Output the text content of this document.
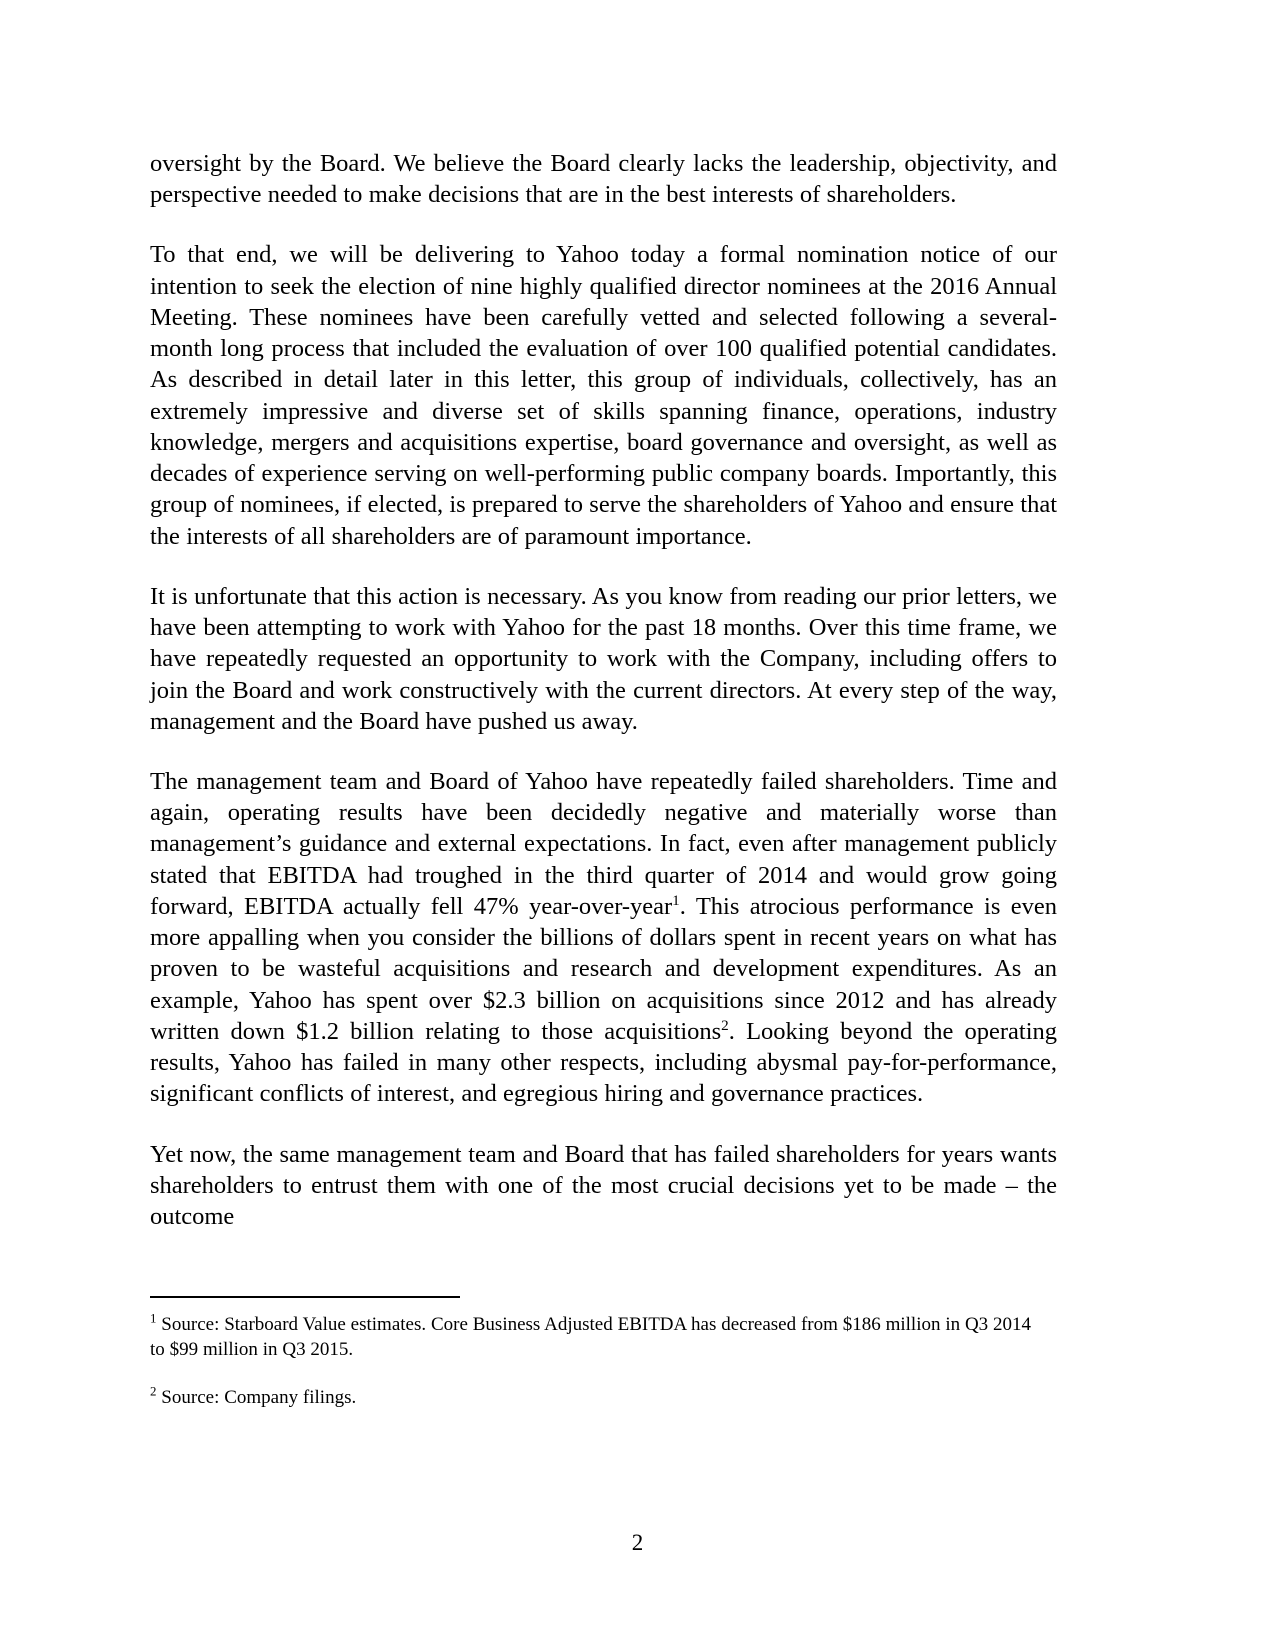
oversight by the Board. We believe the Board clearly lacks the leadership, objectivity, and perspective needed to make decisions that are in the best interests of shareholders.

To that end, we will be delivering to Yahoo today a formal nomination notice of our intention to seek the election of nine highly qualified director nominees at the 2016 Annual Meeting. These nominees have been carefully vetted and selected following a several-month long process that included the evaluation of over 100 qualified potential candidates. As described in detail later in this letter, this group of individuals, collectively, has an extremely impressive and diverse set of skills spanning finance, operations, industry knowledge, mergers and acquisitions expertise, board governance and oversight, as well as decades of experience serving on well-performing public company boards. Importantly, this group of nominees, if elected, is prepared to serve the shareholders of Yahoo and ensure that the interests of all shareholders are of paramount importance.

It is unfortunate that this action is necessary. As you know from reading our prior letters, we have been attempting to work with Yahoo for the past 18 months. Over this time frame, we have repeatedly requested an opportunity to work with the Company, including offers to join the Board and work constructively with the current directors. At every step of the way, management and the Board have pushed us away.

The management team and Board of Yahoo have repeatedly failed shareholders. Time and again, operating results have been decidedly negative and materially worse than management’s guidance and external expectations. In fact, even after management publicly stated that EBITDA had troughed in the third quarter of 2014 and would grow going forward, EBITDA actually fell 47% year-over-year$^1$. This atrocious performance is even more appalling when you consider the billions of dollars spent in recent years on what has proven to be wasteful acquisitions and research and development expenditures. As an example, Yahoo has spent over $2.3 billion on acquisitions since 2012 and has already written down $1.2 billion relating to those acquisitions$^2$. Looking beyond the operating results, Yahoo has failed in many other respects, including abysmal pay-for-performance, significant conflicts of interest, and egregious hiring and governance practices.

Yet now, the same management team and Board that has failed shareholders for years wants shareholders to entrust them with one of the most crucial decisions yet to be made – the outcome

$^1$ Source: Starboard Value estimates. Core Business Adjusted EBITDA has decreased from $186 million in Q3 2014 to $99 million in Q3 2015.

$^2$ Source: Company filings.

2
